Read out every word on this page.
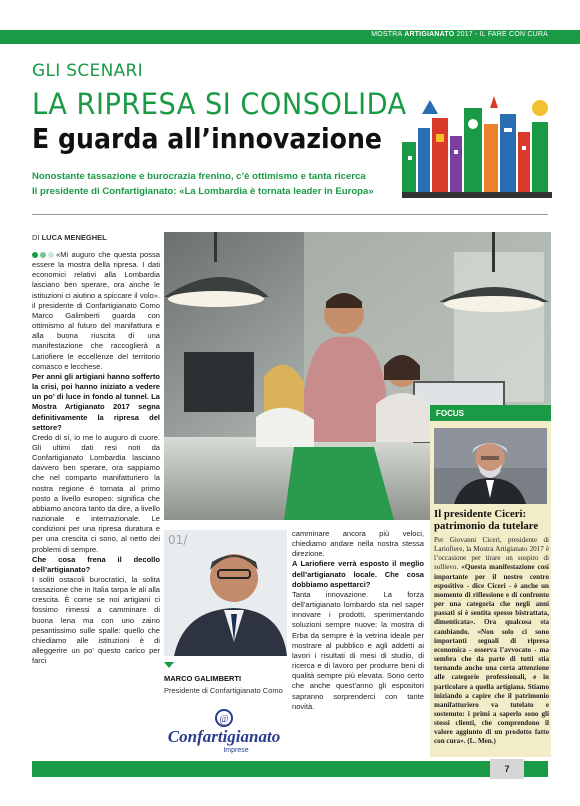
MOSTRA ARTIGIANATO 2017 - IL FARE CON CURA
GLI SCENARI
LA RIPRESA SI CONSOLIDA
E guarda all’innovazione
Nonostante tassazione e burocrazia frenino, c’è ottimismo e tanta ricerca
Il presidente di Confartigianato: «La Lombardia è tornata leader in Europa»
DI LUCA MENEGHEL

«Mi auguro che questa possa essere la mostra della ripresa. I dati economici relativi alla Lombardia lasciano ben sperare, ora anche le istituzioni ci aiutino a spiccare il volo». il presidente di Confartigianato Como Marco Galimberti guarda con ottimismo al futuro del manifattura e alla buona riuscita di una manifestazione che raccoglierà a Lariofiere le eccellenze del territorio comasco e lecchese.

Per anni gli artigiani hanno sofferto la crisi, poi hanno iniziato a vedere un po’ di luce in fondo al tunnel. La Mostra Artigianato 2017 segna definitivamente la ripresa del settore?

Credo di sì, io me lo auguro di cuore. Gli ultimi dati resi noti da Confartigianato Lombardia lasciano davvero ben sperare, ora sappiamo che nel comparto manifatturiero la nostra regione è tornata al primo posto a livello europeo: significa che abbiamo ancora tanto da dire, a livello nazionale e internazionale. Le condizioni per una ripresa duratura e per una crescita ci sono, al netto dei problemi di sempre.

Che cosa frena il decollo dell’artigianato?

I soliti ostacoli burocratici, la solita tassazione che in Italia tarpa le ali alla crescita. È come se noi artigiani ci fossimo rimessi a camminare di buona lena ma con uno zaino pesantissimo sulle spalle: quello che chiediamo alle istituzioni è di alleggerire un po’ questo carico per farci

FOCUS
Il presidente Ciceri: patrimonio da tutelare
Per Giovanni Ciceri, presidente di Lariofiere, la Mostra Artigianato 2017 è l’occasione per tirare un sospiro di sollievo. «Questa manifestazione così importante per il nostro centro espositivo - dice Ciceri - è anche un momento di riflessione e di confronto per una categoria che negli anni passati si è sentita spesso bistrattata, dimenticata». Ora qualcosa sta cambiando. «Non solo ci sono importanti segnali di ripresa economica - osserva l’avvocato - ma sembra che da parte di tutti stia tornando anche una certa attenzione alle categorie professionali, e in particolare a quella artigiana. Stiamo iniziando a capire che il patrimonio manifatturiero va tutelato e sostenuto: i primi a saperlo sono gli stessi clienti, che comprendono il valore aggiunto di un prodotto fatto con cura». (L. Men.)
01/
MARCO GALIMBERTI
Presidente di Confartigianato Como
@
Confartigianato
Imprese

camminare ancora più veloci, chiediamo andare nella nostra stessa direzione.

A Lariofiere verrà esposto il meglio dell’artigianato locale. Che cosa dobbiamo aspettarci?

Tanta innovazione. La forza dell’artigianato lombardo sta nel saper innovare i prodotti, sperimentando soluzioni sempre nuove: la mostra di Erba da sempre è la vetrina ideale per mostrare al pubblico e agli addetti ai lavori i risultati di mesi di studio, di ricerca e di lavoro per produrre beni di qualità sempre più elevata. Sono certo che anche quest’anno gli espositori sapranno sorprenderci con tante novità.

7
